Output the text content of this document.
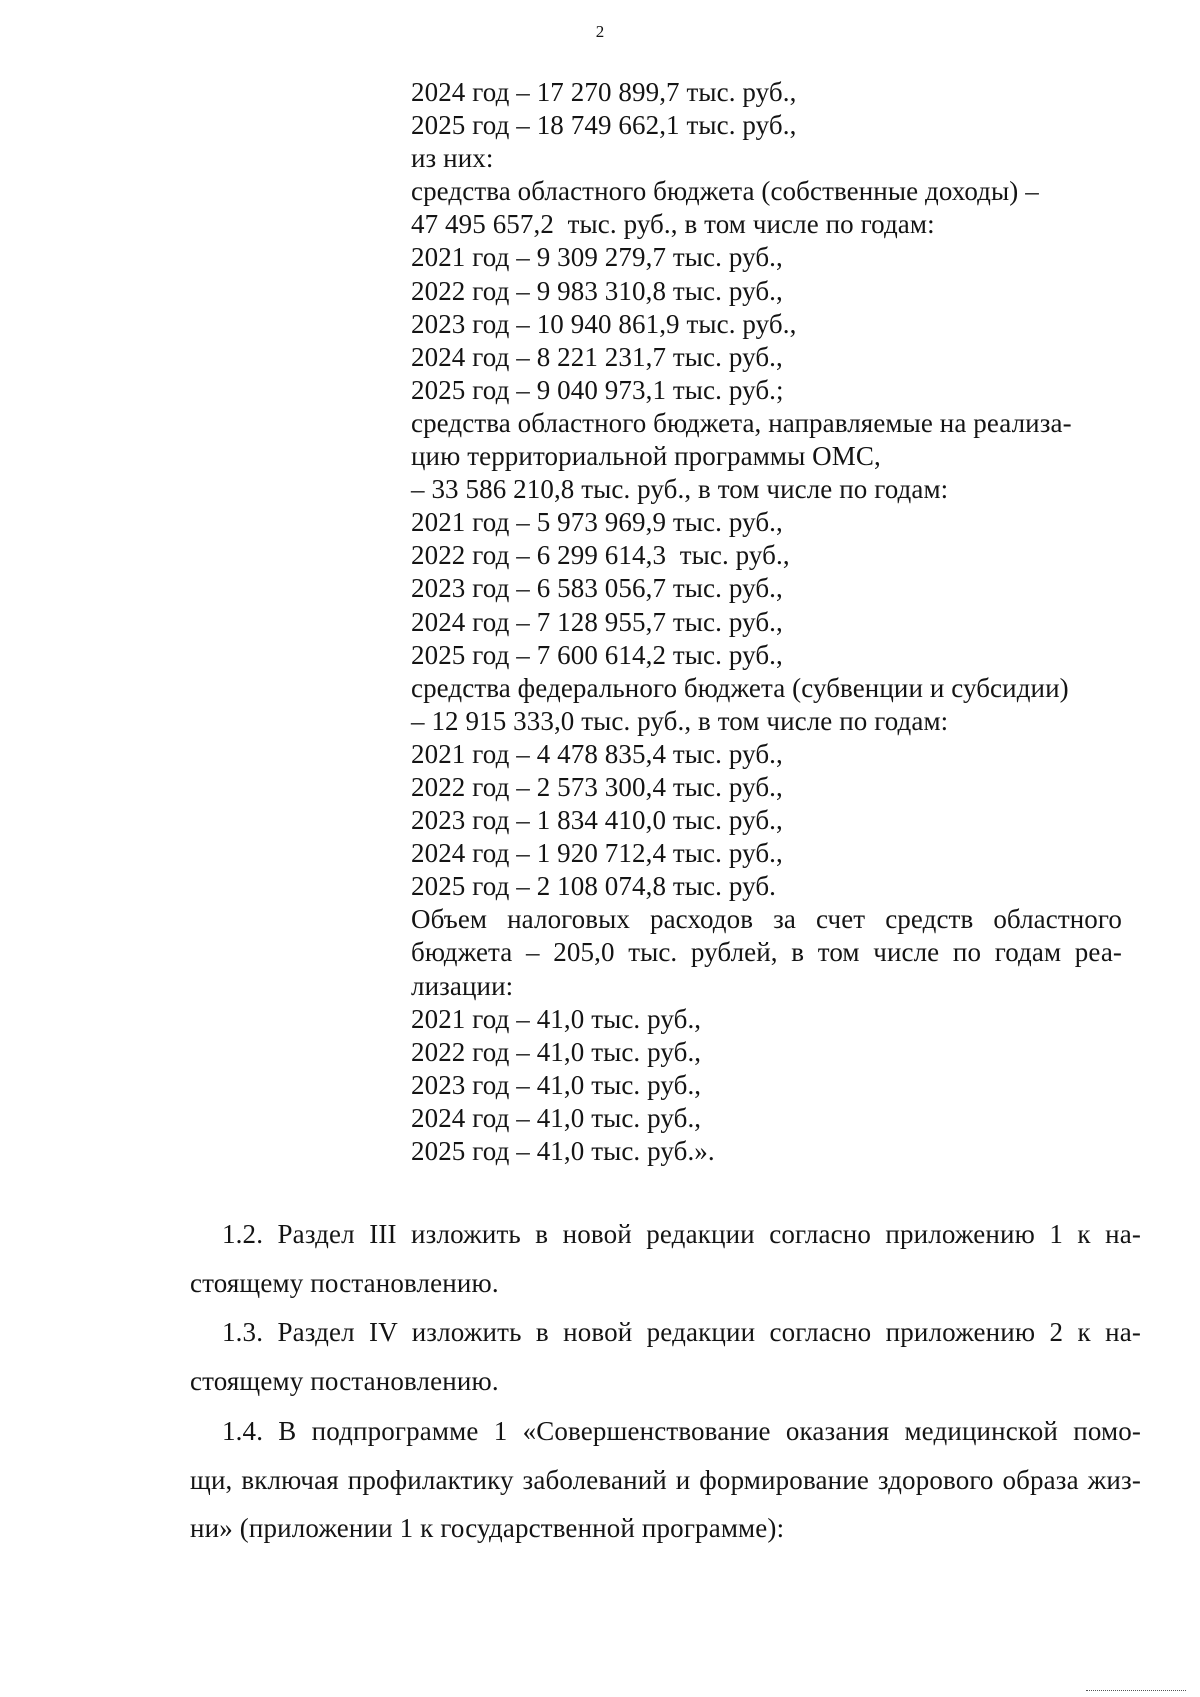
2
2024 год – 17 270 899,7 тыс. руб.,
2025 год – 18 749 662,1 тыс. руб.,
из них:
средства областного бюджета (собственные доходы) –
47 495 657,2  тыс. руб., в том числе по годам:
2021 год – 9 309 279,7 тыс. руб.,
2022 год – 9 983 310,8 тыс. руб.,
2023 год – 10 940 861,9 тыс. руб.,
2024 год – 8 221 231,7 тыс. руб.,
2025 год – 9 040 973,1 тыс. руб.;
средства областного бюджета, направляемые на реализа-
цию территориальной программы ОМС,
– 33 586 210,8 тыс. руб., в том числе по годам:
2021 год – 5 973 969,9 тыс. руб.,
2022 год – 6 299 614,3  тыс. руб.,
2023 год – 6 583 056,7 тыс. руб.,
2024 год – 7 128 955,7 тыс. руб.,
2025 год – 7 600 614,2 тыс. руб.,
средства федерального бюджета (субвенции и субсидии)
– 12 915 333,0 тыс. руб., в том числе по годам:
2021 год – 4 478 835,4 тыс. руб.,
2022 год – 2 573 300,4 тыс. руб.,
2023 год – 1 834 410,0 тыс. руб.,
2024 год – 1 920 712,4 тыс. руб.,
2025 год – 2 108 074,8 тыс. руб.
Объем налоговых расходов за счет средств областного
бюджета – 205,0 тыс. рублей, в том числе по годам реа-
лизации:
2021 год – 41,0 тыс. руб.,
2022 год – 41,0 тыс. руб.,
2023 год – 41,0 тыс. руб.,
2024 год – 41,0 тыс. руб.,
2025 год – 41,0 тыс. руб.».
1.2. Раздел III изложить в новой редакции согласно приложению 1 к на-
стоящему постановлению.
1.3. Раздел IV изложить в новой редакции согласно приложению 2 к на-
стоящему постановлению.
1.4. В подпрограмме 1 «Совершенствование оказания медицинской помо-
щи, включая профилактику заболеваний и формирование здорового образа жиз-
ни» (приложении 1 к государственной программе):
